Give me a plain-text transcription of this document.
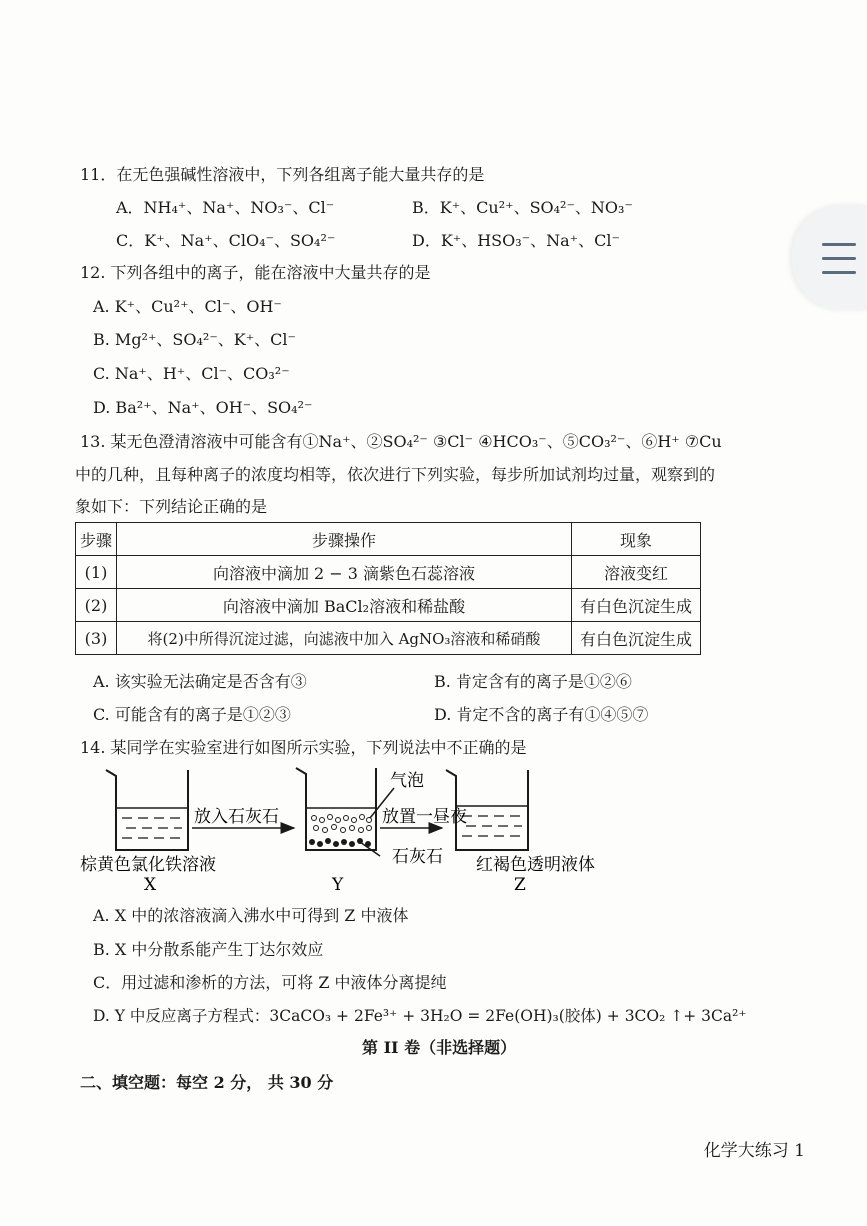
11．在无色强碱性溶液中，下列各组离子能大量共存的是
A．NH₄⁺、Na⁺、NO₃⁻、Cl⁻	B．K⁺、Cu²⁺、SO₄²⁻、NO₃⁻
C．K⁺、Na⁺、ClO₄⁻、SO₄²⁻	D．K⁺、HSO₃⁻、Na⁺、Cl⁻
12. 下列各组中的离子，能在溶液中大量共存的是
A. K⁺、Cu²⁺、Cl⁻、OH⁻
B. Mg²⁺、SO₄²⁻、K⁺、Cl⁻
C. Na⁺、H⁺、Cl⁻、CO₃²⁻
D. Ba²⁺、Na⁺、OH⁻、SO₄²⁻
13. 某无色澄清溶液中可能含有①Na⁺、②SO₄²⁻ ③Cl⁻ ④HCO₃⁻、⑤CO₃²⁻、⑥H⁺ ⑦Cu
中的几种，且每种离子的浓度均相等，依次进行下列实验，每步所加试剂均过量，观察到的
象如下：下列结论正确的是
步骤	步骤操作	现象
(1)	向溶液中滴加 2 − 3 滴紫色石蕊溶液	溶液变红
(2)	向溶液中滴加 BaCl₂溶液和稀盐酸	有白色沉淀生成
(3)	将(2)中所得沉淀过滤，向滤液中加入 AgNO₃溶液和稀硝酸	有白色沉淀生成
A. 该实验无法确定是否含有③	B. 肯定含有的离子是①②⑥
C. 可能含有的离子是①②③	D. 肯定不含的离子有①④⑤⑦
14. 某同学在实验室进行如图所示实验，下列说法中不正确的是
放入石灰石	放置一昼夜
气泡
石灰石
棕黄色氯化铁溶液
X	Y
红褐色透明液体
Z
A. X 中的浓溶液滴入沸水中可得到 Z 中液体
B. X 中分散系能产生丁达尔效应
C．用过滤和渗析的方法，可将 Z 中液体分离提纯
D. Y 中反应离子方程式：3CaCO₃ + 2Fe³⁺ + 3H₂O = 2Fe(OH)₃(胶体) + 3CO₂ ↑+ 3Ca²⁺
第 II 卷（非选择题）
二、填空题：每空 2 分， 共 30 分
化学大练习 1
